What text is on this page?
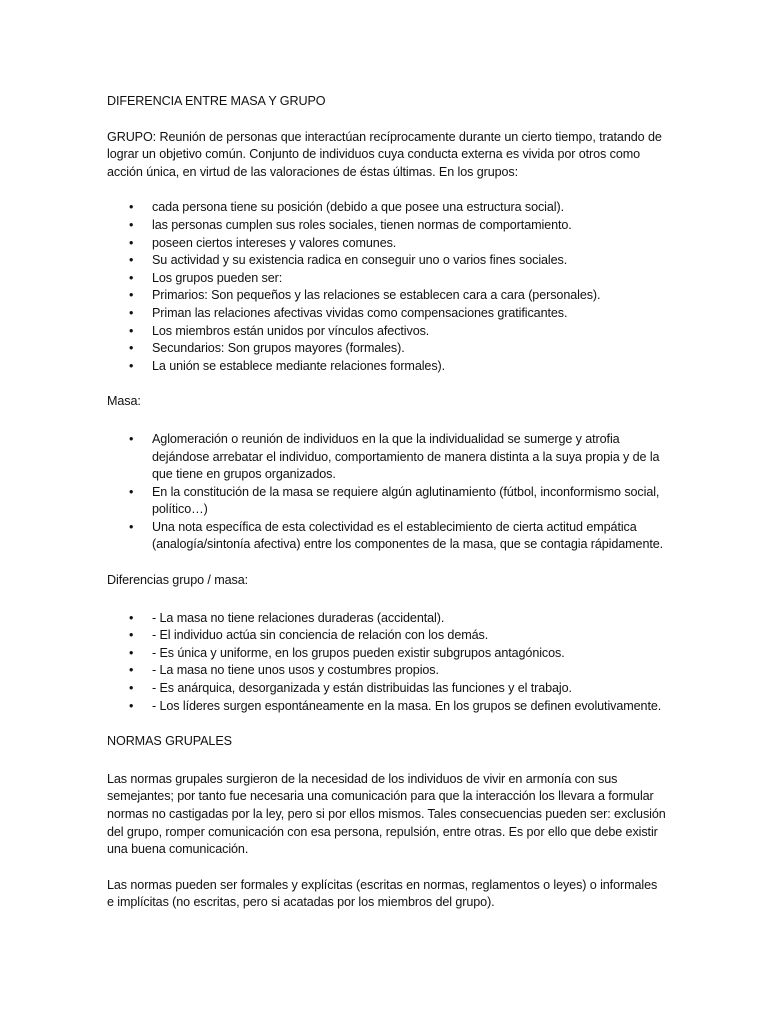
DIFERENCIA ENTRE MASA Y GRUPO
GRUPO: Reunión de personas que interactúan recíprocamente durante un cierto tiempo, tratando de lograr un objetivo común. Conjunto de individuos cuya conducta externa es vivida por otros como acción única, en virtud de las valoraciones de éstas últimas. En los grupos:
• cada persona tiene su posición (debido a que posee una estructura social).
• las personas cumplen sus roles sociales, tienen normas de comportamiento.
• poseen ciertos intereses y valores comunes.
• Su actividad y su existencia radica en conseguir uno o varios fines sociales.
• Los grupos pueden ser:
• Primarios: Son pequeños y las relaciones se establecen cara a cara (personales).
• Priman las relaciones afectivas vividas como compensaciones gratificantes.
• Los miembros están unidos por vínculos afectivos.
• Secundarios: Son grupos mayores (formales).
• La unión se establece mediante relaciones formales).
Masa:
• Aglomeración o reunión de individuos en la que la individualidad se sumerge y atrofia dejándose arrebatar el individuo, comportamiento de manera distinta a la suya propia y de la que tiene en grupos organizados.
• En la constitución de la masa se requiere algún aglutinamiento (fútbol, inconformismo social, político…)
• Una nota específica de esta colectividad es el establecimiento de cierta actitud empática (analogía/sintonía afectiva) entre los componentes de la masa, que se contagia rápidamente.
Diferencias grupo / masa:
• - La masa no tiene relaciones duraderas (accidental).
• - El individuo actúa sin conciencia de relación con los demás.
• - Es única y uniforme, en los grupos pueden existir subgrupos antagónicos.
• - La masa no tiene unos usos y costumbres propios.
• - Es anárquica, desorganizada y están distribuidas las funciones y el trabajo.
• - Los líderes surgen espontáneamente en la masa. En los grupos se definen evolutivamente.
NORMAS GRUPALES
Las normas grupales surgieron de la necesidad de los individuos de vivir en armonía con sus semejantes; por tanto fue necesaria una comunicación para que la interacción los llevara a formular normas no castigadas por la ley, pero si por ellos mismos. Tales consecuencias pueden ser: exclusión del grupo, romper comunicación con esa persona, repulsión, entre otras. Es por ello que debe existir una buena comunicación.
Las normas pueden ser formales y explícitas (escritas en normas, reglamentos o leyes) o informales e implícitas (no escritas, pero si acatadas por los miembros del grupo).
